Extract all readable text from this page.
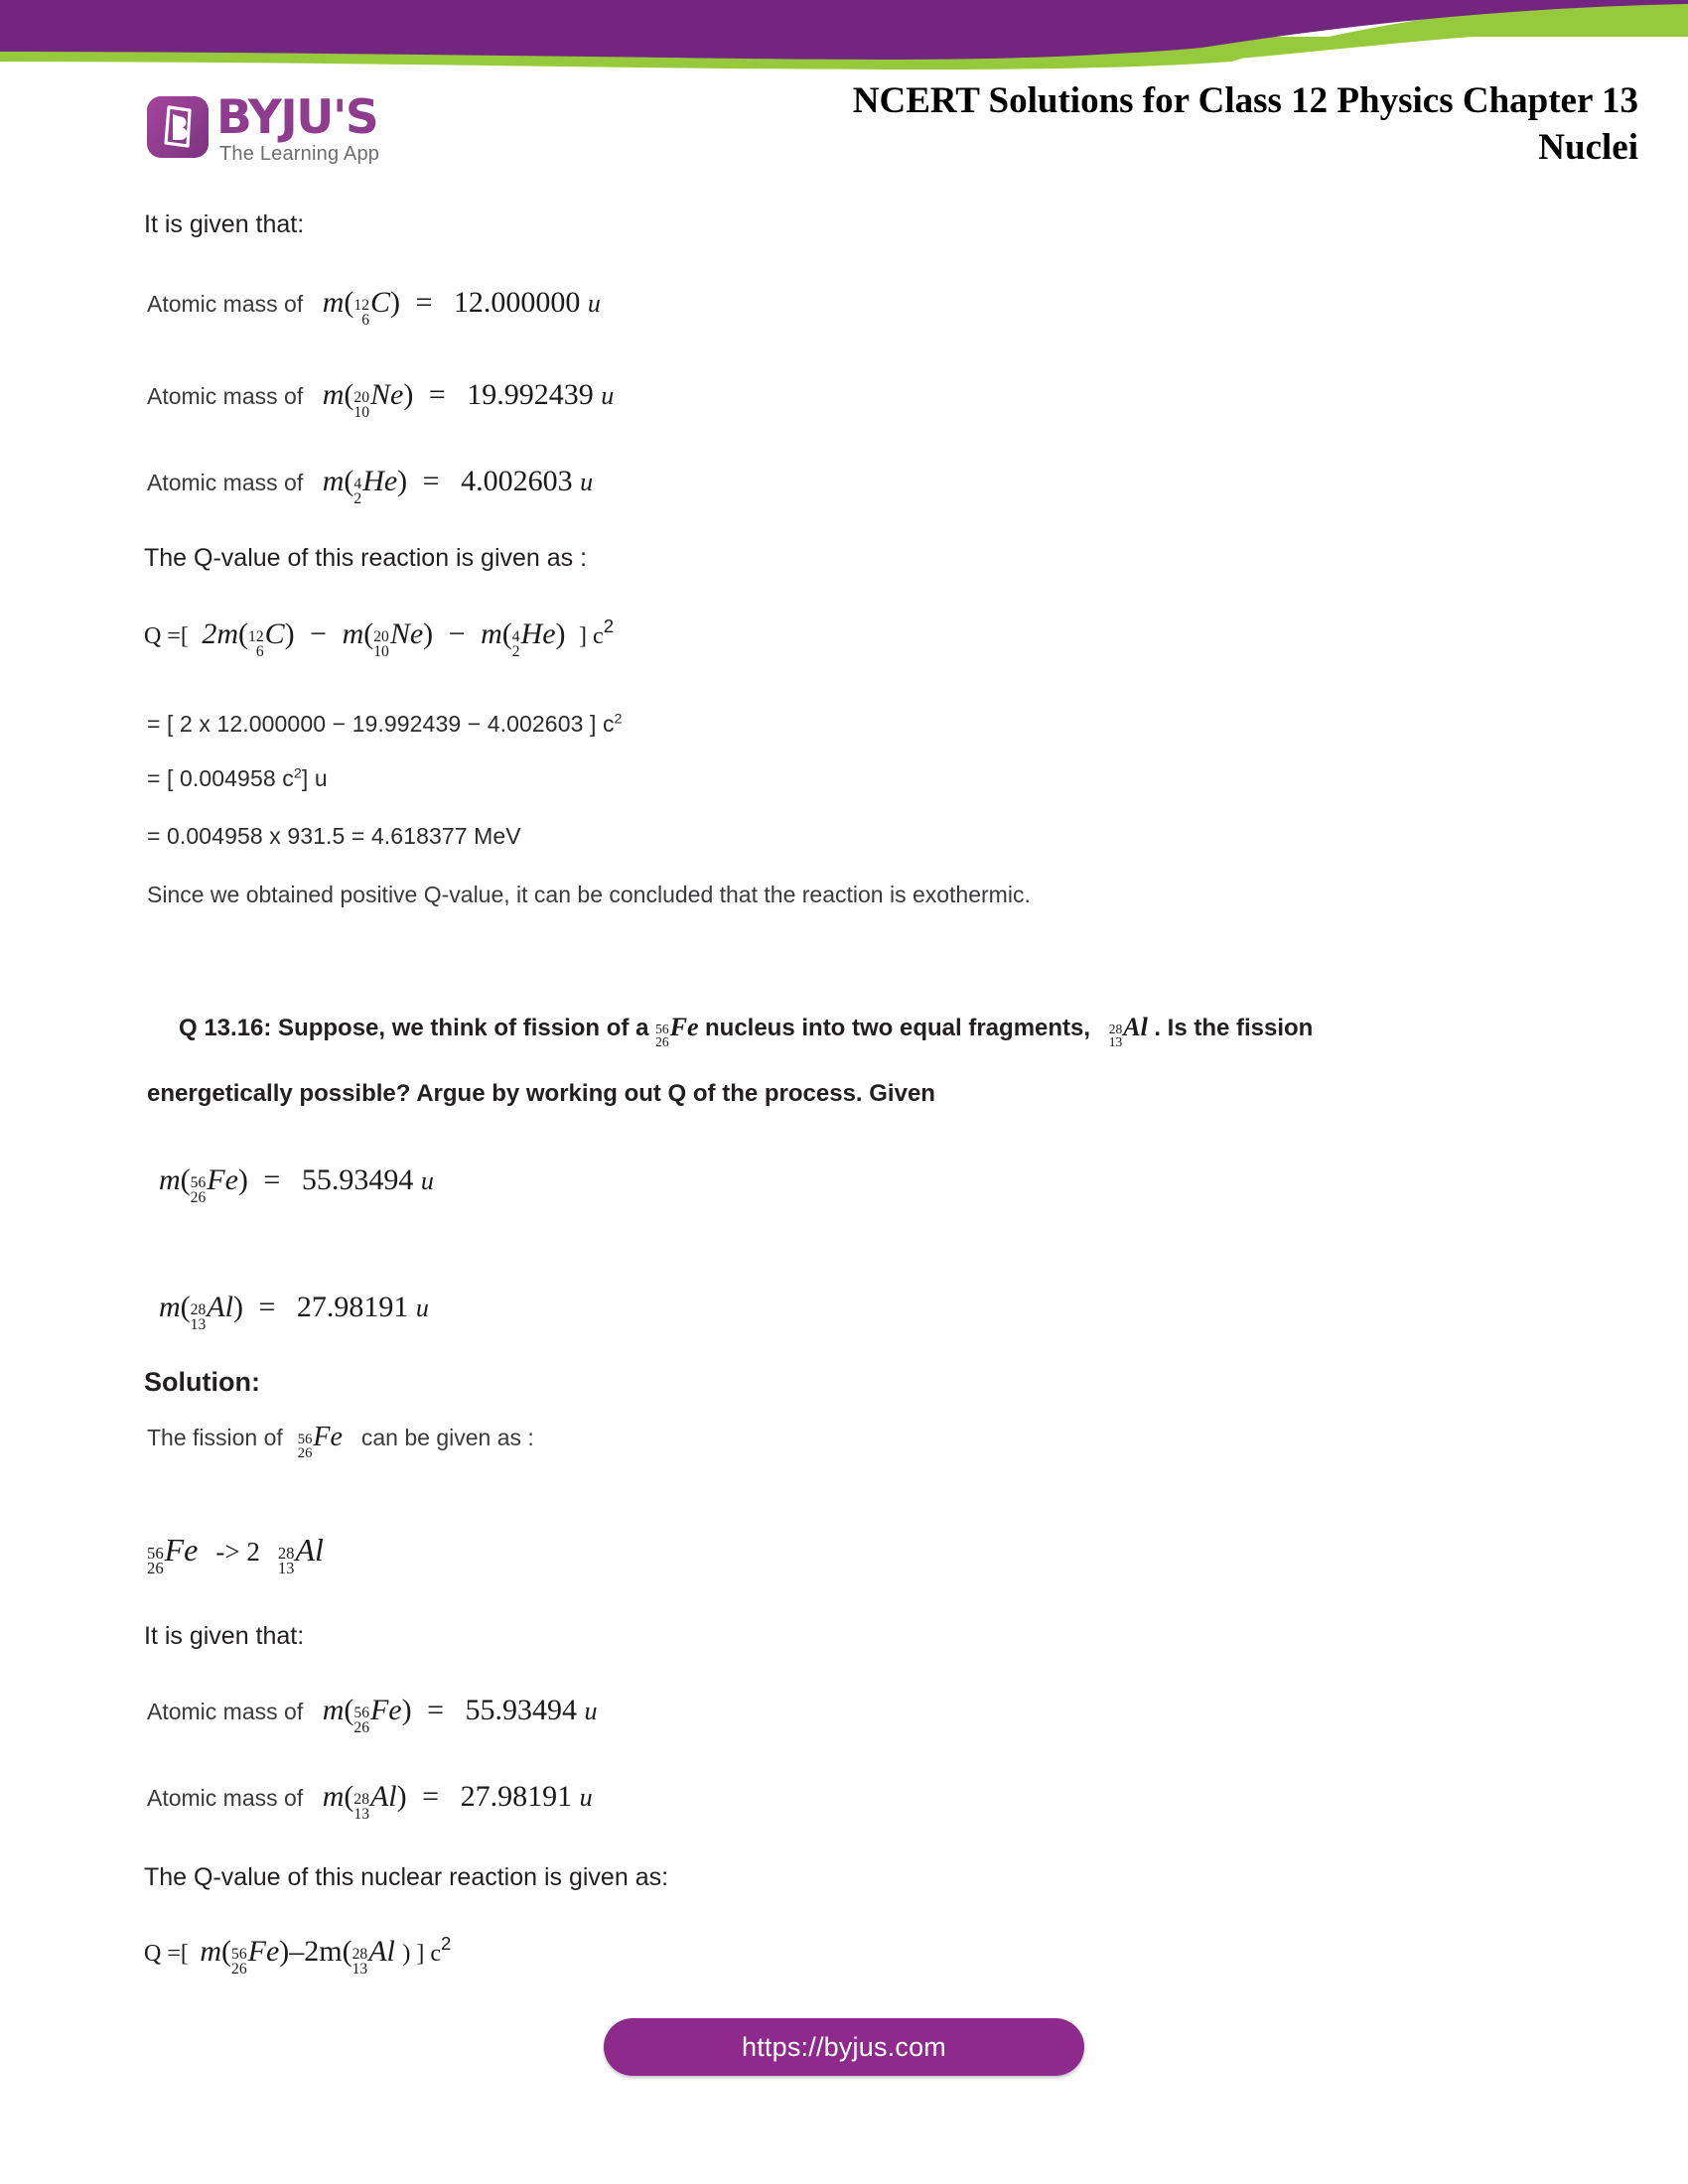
BYJU'S
The Learning App
NCERT Solutions for Class 12 Physics Chapter 13
Nuclei
It is given that:
Atomic mass of m( 12
6
C) = 12.000000 u
Atomic mass of m( 20
10
Ne) = 19.992439 u
Atomic mass of m( 4
2
He) = 4.002603 u
The Q-value of this reaction is given as :
Q =[ 2m( 12
6
C) − m( 20
10
Ne) − m( 4
2
He) ] $c^2$
= [ 2 x 12.000000 − 19.992439 − 4.002603 ] $c^2$
= [ 0.004958 $c^2$] u
= 0.004958 x 931.5 = 4.618377 MeV
Since we obtained positive Q-value, it can be concluded that the reaction is exothermic.
Q 13.16: Suppose, we think of fission of a 56
26
Fe nucleus into two equal fragments, 28
13
Al . Is the fission
energetically possible? Argue by working out Q of the process. Given
m( 56
26
Fe) = 55.93494 u
m( 28
13
Al) = 27.98191 u
Solution:
The fission of 56
26
Fe can be given as :
56
26
Fe -> 2 28
13
Al
It is given that:
Atomic mass of m( 56
26
Fe) = 55.93494 u
Atomic mass of m( 28
13
Al) = 27.98191 u
The Q-value of this nuclear reaction is given as:
Q =[ m( 56
26
Fe)–2m( 28
13
Al ) ] $c^2$
https://byjus.com
